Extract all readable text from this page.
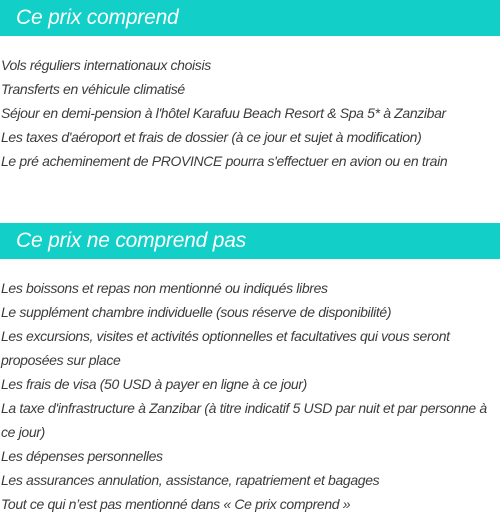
Ce prix comprend
Vols réguliers internationaux choisis
Transferts en véhicule climatisé
Séjour en demi-pension à l'hôtel Karafuu Beach Resort & Spa 5* à Zanzibar
Les taxes d'aéroport et frais de dossier (à ce jour et sujet à modification)
Le pré acheminement de PROVINCE pourra s'effectuer en avion ou en train
Ce prix ne comprend pas
Les boissons et repas non mentionné ou indiqués libres
Le supplément chambre individuelle (sous réserve de disponibilité)
Les excursions, visites et activités optionnelles et facultatives qui vous seront proposées sur place
Les frais de visa (50 USD à payer en ligne à ce jour)
La taxe d'infrastructure à Zanzibar (à titre indicatif 5 USD par nuit et par personne à ce jour)
Les dépenses personnelles
Les assurances annulation, assistance, rapatriement et bagages
Tout ce qui n’est pas mentionné dans « Ce prix comprend »
